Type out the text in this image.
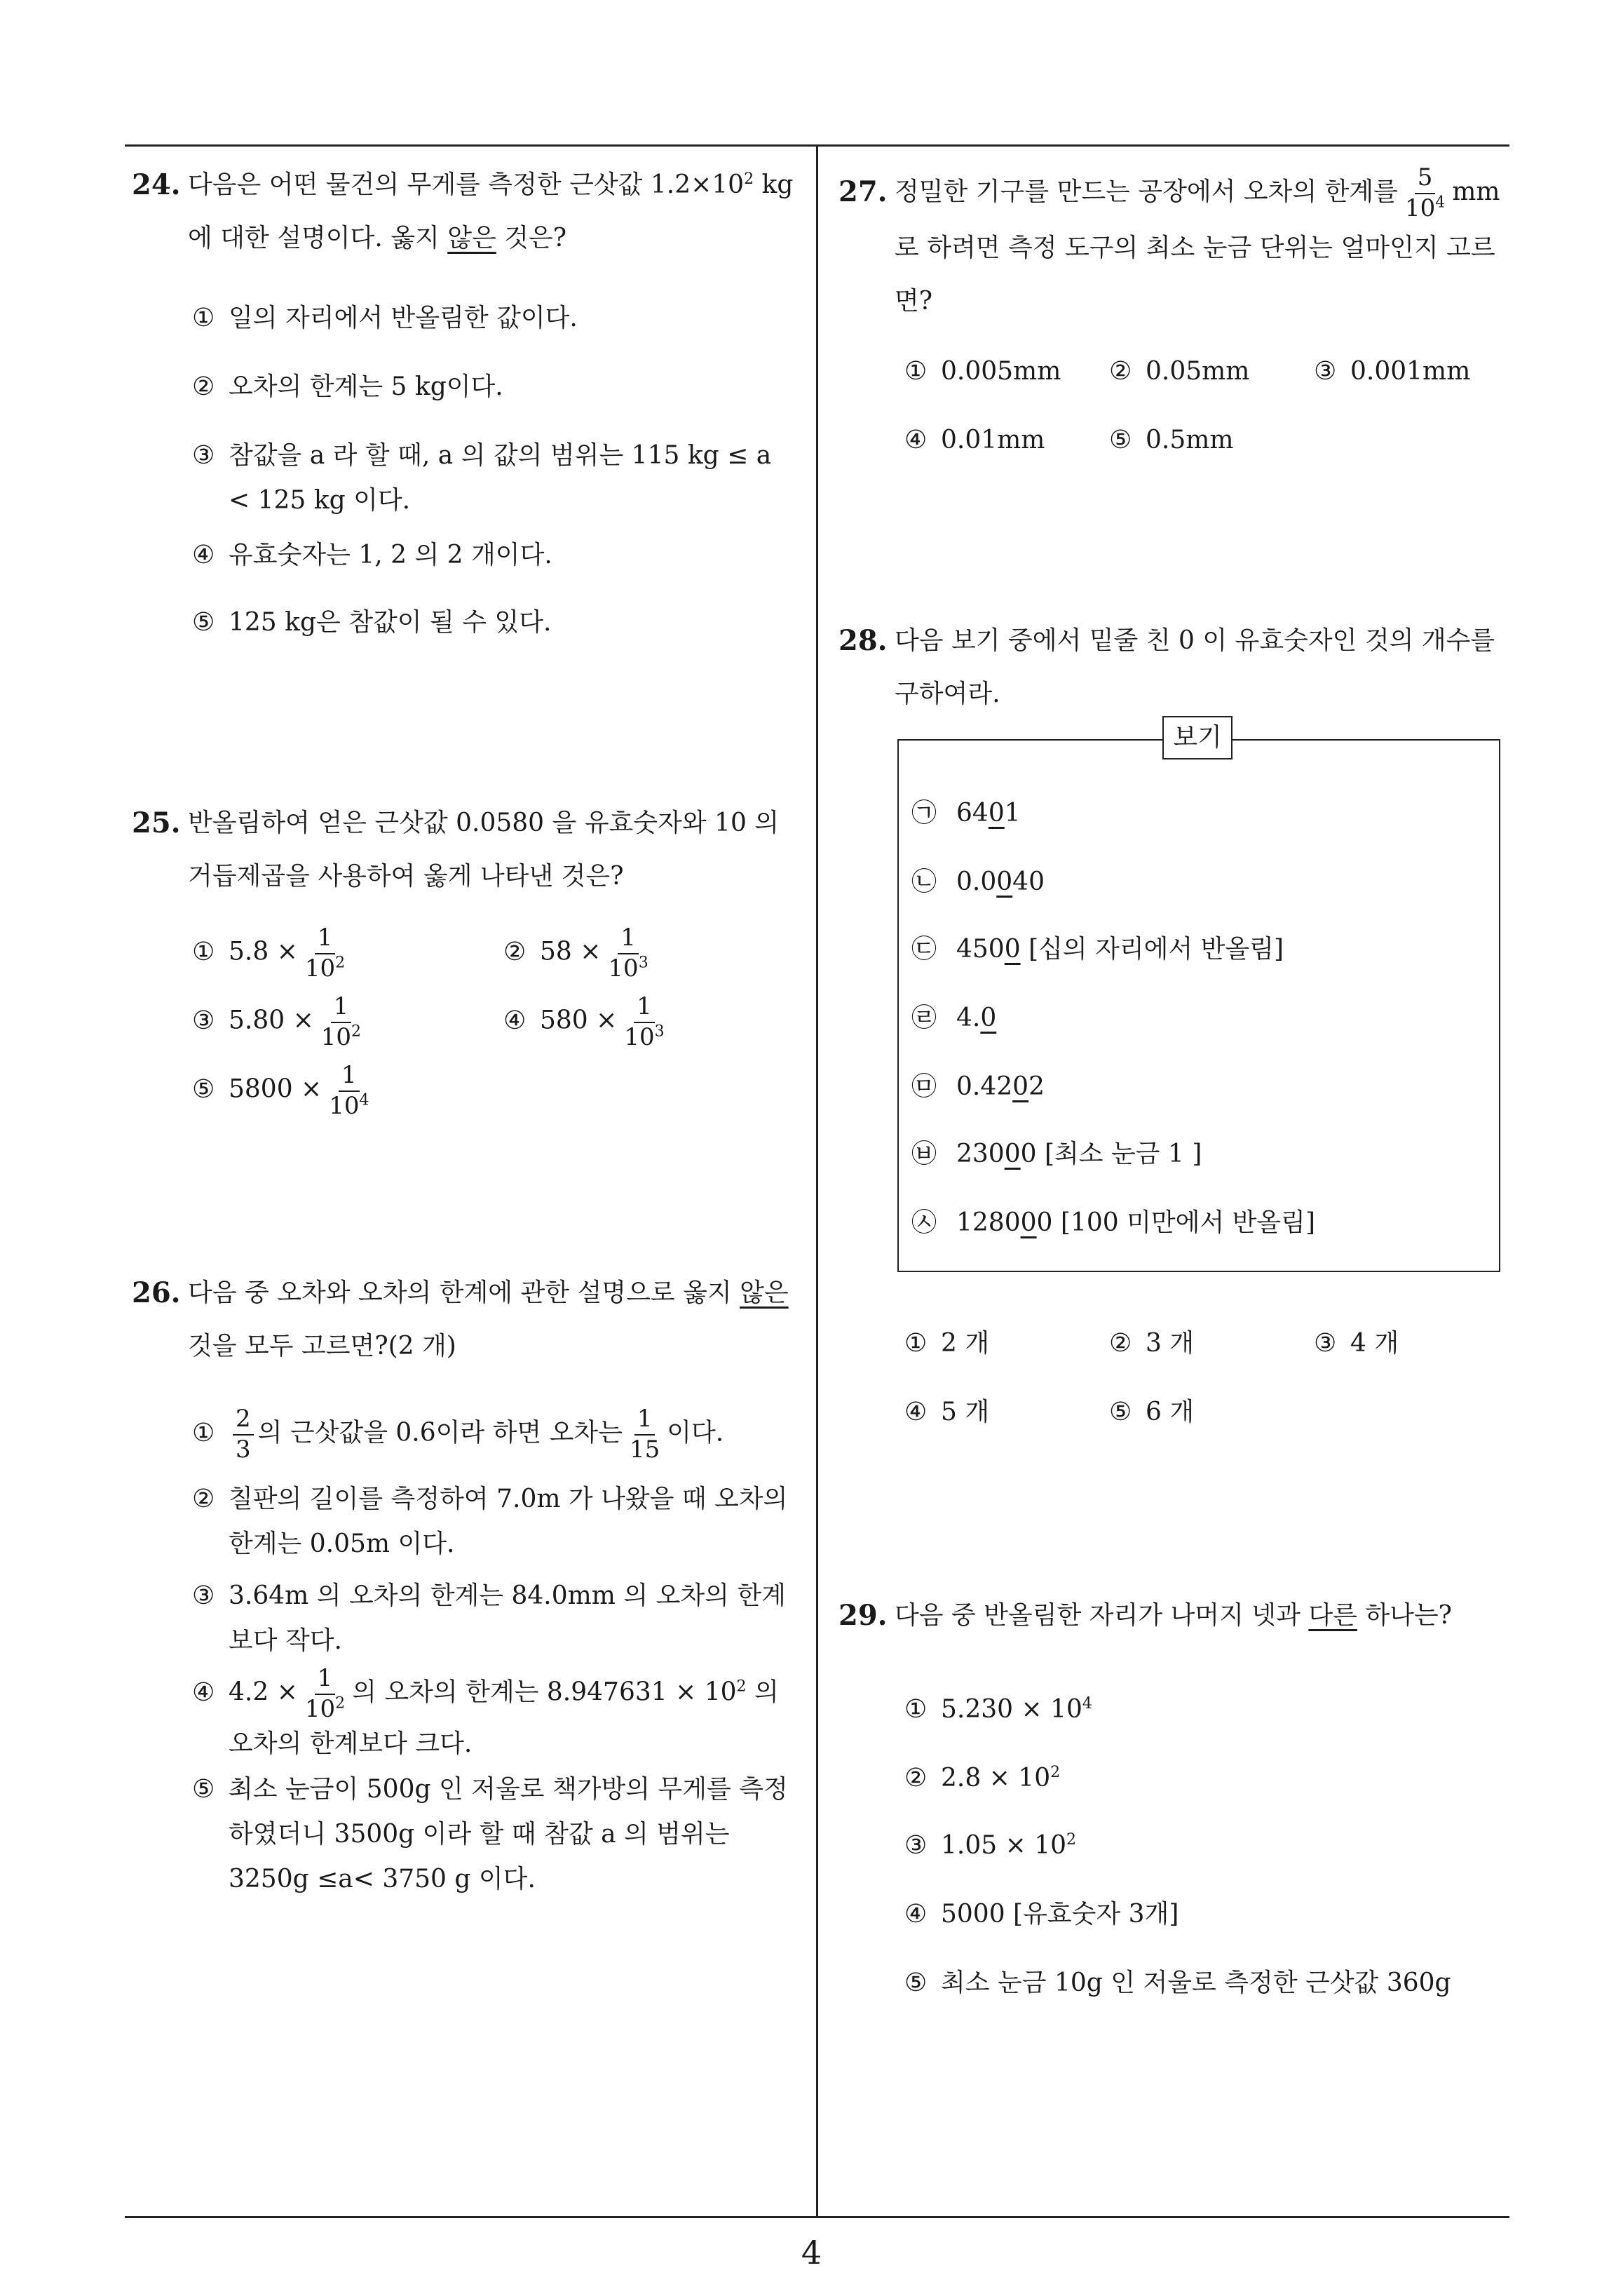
24. 다음은 어떤 물건의 무게를 측정한 근삿값 $1.2\times 10^2$ kg 에 대한 설명이다. 옳지 않은 것은?
① 일의 자리에서 반올림한 값이다.
② 오차의 한계는 5 kg이다.
③ 참값을 a 라 할 때, a 의 값의 범위는 115 kg ≤ a < 125 kg 이다.
④ 유효숫자는 1, 2 의 2 개이다.
⑤ 125 kg은 참값이 될 수 있다.
25. 반올림하여 얻은 근삿값 0.0580 을 유효숫자와 10 의 거듭제곱을 사용하여 옳게 나타낸 것은?
① $5.8 \times \frac{1}{10^2}$	② $58 \times \frac{1}{10^3}$
③ $5.80 \times \frac{1}{10^2}$	④ $580 \times \frac{1}{10^3}$
⑤ $5800 \times \frac{1}{10^4}$
26. 다음 중 오차와 오차의 한계에 관한 설명으로 옳지 않은 것을 모두 고르면?(2 개)
① $\frac{2}{3}$ 의 근삿값을 0.6이라 하면 오차는 $\frac{1}{15}$ 이다.
② 칠판의 길이를 측정하여 7.0m 가 나왔을 때 오차의 한계는 0.05m 이다.
③ 3.64m 의 오차의 한계는 84.0mm 의 오차의 한계보다 작다.
④ $4.2 \times \frac{1}{10^2}$ 의 오차의 한계는 $8.947631 \times 10^2$ 의 오차의 한계보다 크다.
⑤ 최소 눈금이 500g 인 저울로 책가방의 무게를 측정하였더니 3500g 이라 할 때 참값 a 의 범위는 3250g ≤a< 3750 g 이다.
27. 정밀한 기구를 만드는 공장에서 오차의 한계를 $\frac{5}{10^4}$ mm 로 하려면 측정 도구의 최소 눈금 단위는 얼마인지 고르면?
① 0.005mm ② 0.05mm	③ 0.001mm
④ 0.01mm	⑤ 0.5mm
28. 다음 보기 중에서 밑줄 친 0 이 유효숫자인 것의 개수를 구하여라.
보기
㉠ 6401
㉡ 0.0040
㉢ 4500 [십의 자리에서 반올림]
㉣ 4.0
㉤ 0.4202
㉥ 23000 [최소 눈금 1 ]
㉦ 128000 [100 미만에서 반올림]
① 2 개	② 3 개	③ 4 개
④ 5 개	⑤ 6 개
29. 다음 중 반올림한 자리가 나머지 넷과 다른 하나는?
① $5.230 \times 10^4$
② $2.8 \times 10^2$
③ $1.05 \times 10^2$
④ 5000 [유효숫자 3개]
⑤ 최소 눈금 10g 인 저울로 측정한 근삿값 360g
4
